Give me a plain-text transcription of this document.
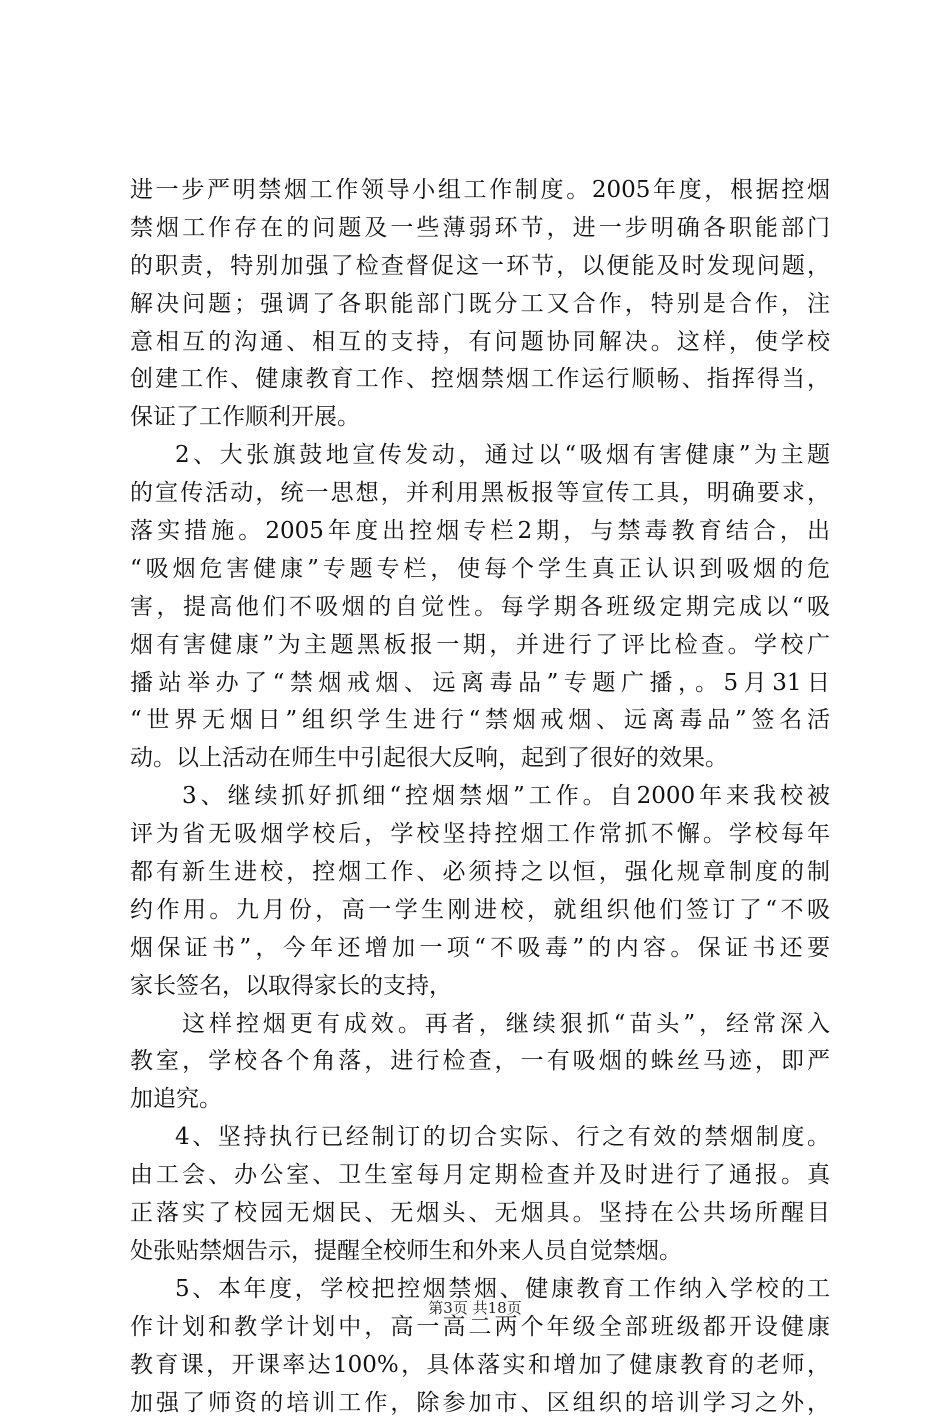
进一步严明禁烟工作领导小组工作制度。2005年度，根据控烟
禁烟工作存在的问题及一些薄弱环节，进一步明确各职能部门
的职责，特别加强了检查督促这一环节，以便能及时发现问题，
解决问题；强调了各职能部门既分工又合作，特别是合作，注
意相互的沟通、相互的支持，有问题协同解决。这样，使学校
创建工作、健康教育工作、控烟禁烟工作运行顺畅、指挥得当，
保证了工作顺利开展。
2、大张旗鼓地宣传发动，通过以“吸烟有害健康”为主题
的宣传活动，统一思想，并利用黑板报等宣传工具，明确要求，
落实措施。2005年度出控烟专栏2期，与禁毒教育结合，出
“吸烟危害健康”专题专栏，使每个学生真正认识到吸烟的危
害，提高他们不吸烟的自觉性。每学期各班级定期完成以“吸
烟有害健康”为主题黑板报一期，并进行了评比检查。学校广
播站举办了“禁烟戒烟、远离毒品”专题广播，。5月31日
“世界无烟日”组织学生进行“禁烟戒烟、远离毒品”签名活
动。以上活动在师生中引起很大反响，起到了很好的效果。
3、继续抓好抓细“控烟禁烟”工作。自2000年来我校被
评为省无吸烟学校后，学校坚持控烟工作常抓不懈。学校每年
都有新生进校，控烟工作、必须持之以恒，强化规章制度的制
约作用。九月份，高一学生刚进校，就组织他们签订了“不吸
烟保证书”，今年还增加一项“不吸毒”的内容。保证书还要
家长签名，以取得家长的支持，
这样控烟更有成效。再者，继续狠抓“苗头”，经常深入
教室，学校各个角落，进行检查，一有吸烟的蛛丝马迹，即严
加追究。
4、坚持执行已经制订的切合实际、行之有效的禁烟制度。
由工会、办公室、卫生室每月定期检查并及时进行了通报。真
正落实了校园无烟民、无烟头、无烟具。坚持在公共场所醒目
处张贴禁烟告示，提醒全校师生和外来人员自觉禁烟。
5、本年度，学校把控烟禁烟、健康教育工作纳入学校的工
作计划和教学计划中，高一高二两个年级全部班级都开设健康
教育课，开课率达100%，具体落实和增加了健康教育的老师，
加强了师资的培训工作，除参加市、区组织的培训学习之外，
第3页 共18页
